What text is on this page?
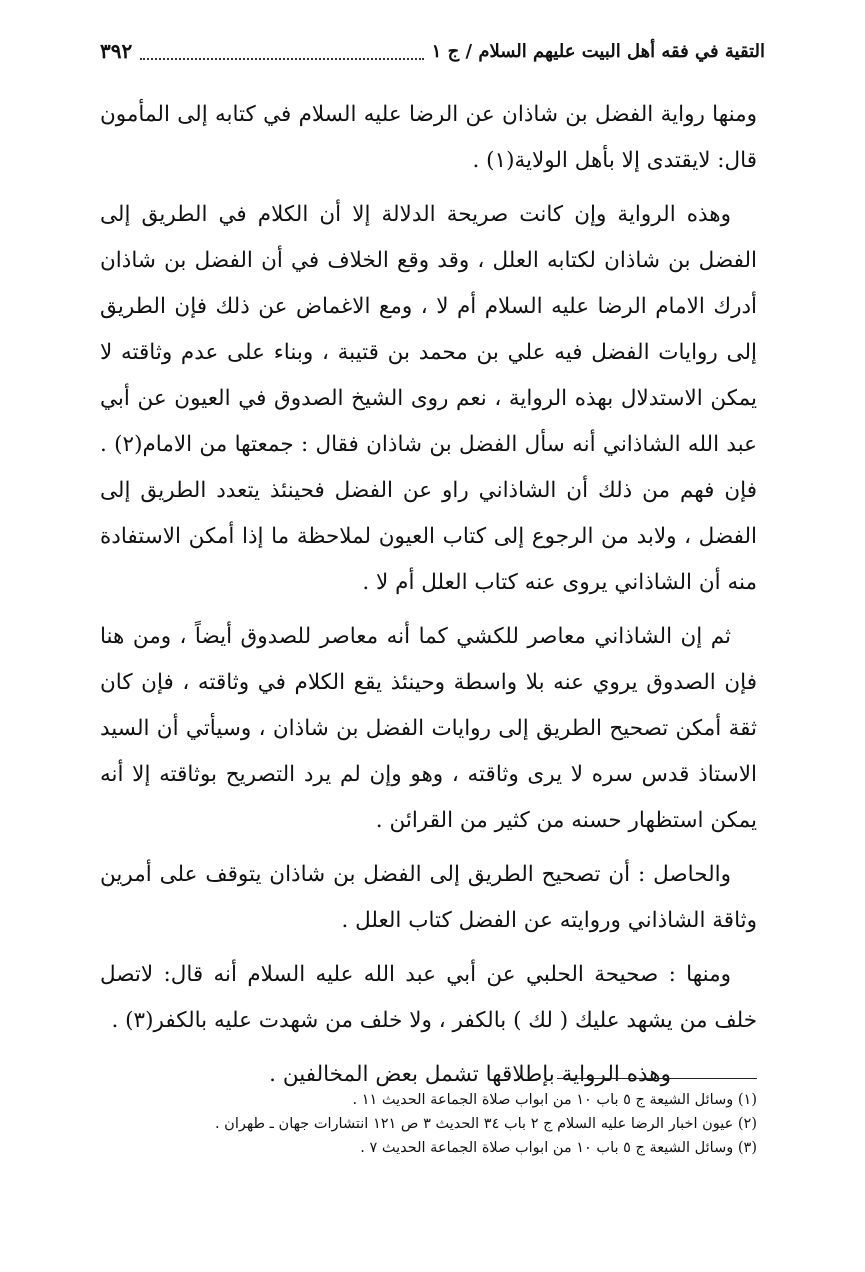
التقية في فقه أهل البيت عليهم السلام / ج ١
٣٩٢

ومنها رواية الفضل بن شاذان عن الرضا عليه السلام في كتابه إلى المأمون قال: لايقتدى إلا بأهل الولاية(١) .

وهذه الرواية وإن كانت صريحة الدلالة إلا أن الكلام في الطريق إلى الفضل بن شاذان لكتابه العلل ، وقد وقع الخلاف في أن الفضل بن شاذان أدرك الامام الرضا عليه السلام أم لا ، ومع الاغماض عن ذلك فإن الطريق إلى روايات الفضل فيه علي بن محمد بن قتيبة ، وبناء على عدم وثاقته لا يمكن الاستدلال بهذه الرواية ، نعم روى الشيخ الصدوق في العيون عن أبي عبد الله الشاذاني أنه سأل الفضل بن شاذان فقال : جمعتها من الامام(٢) . فإن فهم من ذلك أن الشاذاني راو عن الفضل فحينئذ يتعدد الطريق إلى الفضل ، ولابد من الرجوع إلى كتاب العيون لملاحظة ما إذا أمكن الاستفادة منه أن الشاذاني يروى عنه كتاب العلل أم لا .

ثم إن الشاذاني معاصر للكشي كما أنه معاصر للصدوق أيضاً ، ومن هنا فإن الصدوق يروي عنه بلا واسطة وحينئذ يقع الكلام في وثاقته ، فإن كان ثقة أمكن تصحيح الطريق إلى روايات الفضل بن شاذان ، وسيأتي أن السيد الاستاذ قدس سره لا يرى وثاقته ، وهو وإن لم يرد التصريح بوثاقته إلا أنه يمكن استظهار حسنه من كثير من القرائن .

والحاصل : أن تصحيح الطريق إلى الفضل بن شاذان يتوقف على أمرين وثاقة الشاذاني وروايته عن الفضل كتاب العلل .

ومنها : صحيحة الحلبي عن أبي عبد الله عليه السلام أنه قال: لاتصل خلف من يشهد عليك ( لك ) بالكفر ، ولا خلف من شهدت عليه بالكفر(٣) .

وهذه الرواية بإطلاقها تشمل بعض المخالفين .

(١) وسائل الشيعة ج ٥ باب ١٠ من ابواب صلاة الجماعة الحديث ١١ .
(٢) عيون اخبار الرضا عليه السلام ج ٢ باب ٣٤ الحديث ٣ ص ١٢١ انتشارات جهان ـ طهران .
(٣) وسائل الشيعة ج ٥ باب ١٠ من ابواب صلاة الجماعة الحديث ٧ .
